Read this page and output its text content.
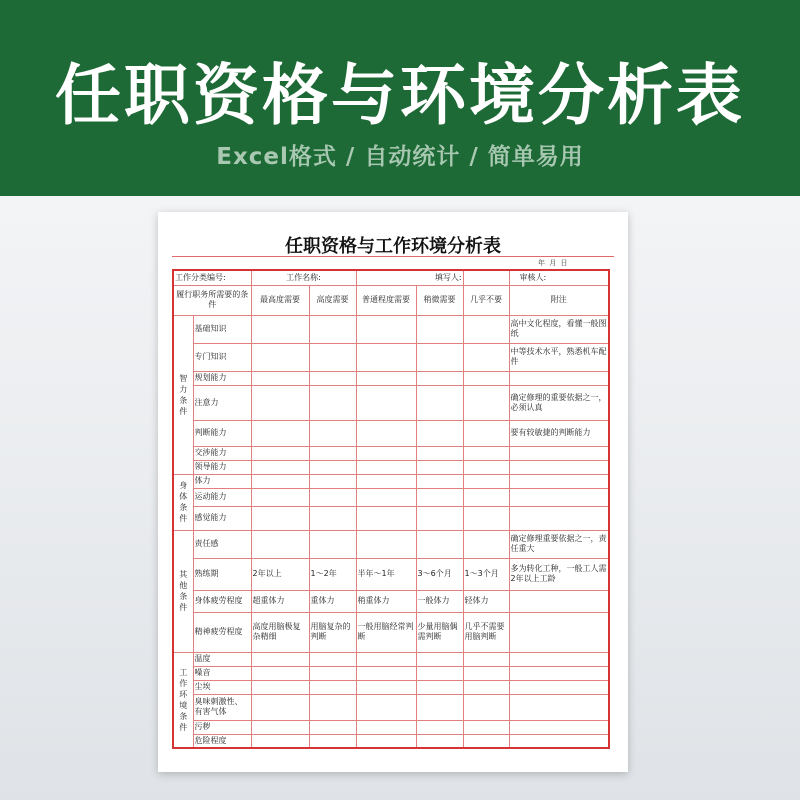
任职资格与环境分析表
Excel格式 / 自动统计 / 简单易用
任职资格与工作环境分析表
年 月 日
工作分类编号:		工作名称:		填写人:			审核人:
履行职务所需要的条件		最高度需要	高度需要	普通程度需要	稍微需要	几乎不要	附注

智力条件	基础知识						高中文化程度，看懂一般图纸
	专门知识						中等技术水平，熟悉机车配件
	规划能力						
	注意力						确定修理的重要依据之一，必须认真
	判断能力						要有较敏捷的判断能力
	交涉能力						
	领导能力						

身体条件	体力						
	运动能力						
	感觉能力						

其他条件	责任感						确定修理重要依据之一，责任重大
	熟练期	2年以上	1～2年	半年～1年	3～6个月	1～3个月	多为转化工种，一般工人需2年以上工龄
	身体疲劳程度	超重体力	重体力	稍重体力	一般体力	轻体力	
	精神疲劳程度	高度用脑极复杂精细	用脑复杂的判断	一般用脑经常判断	少量用脑偶需判断	几乎不需要用脑判断	

工作环境条件	温度						
	噪音						
	尘埃						
	臭味刺激性、有害气体						
	污秽						
	危险程度						
